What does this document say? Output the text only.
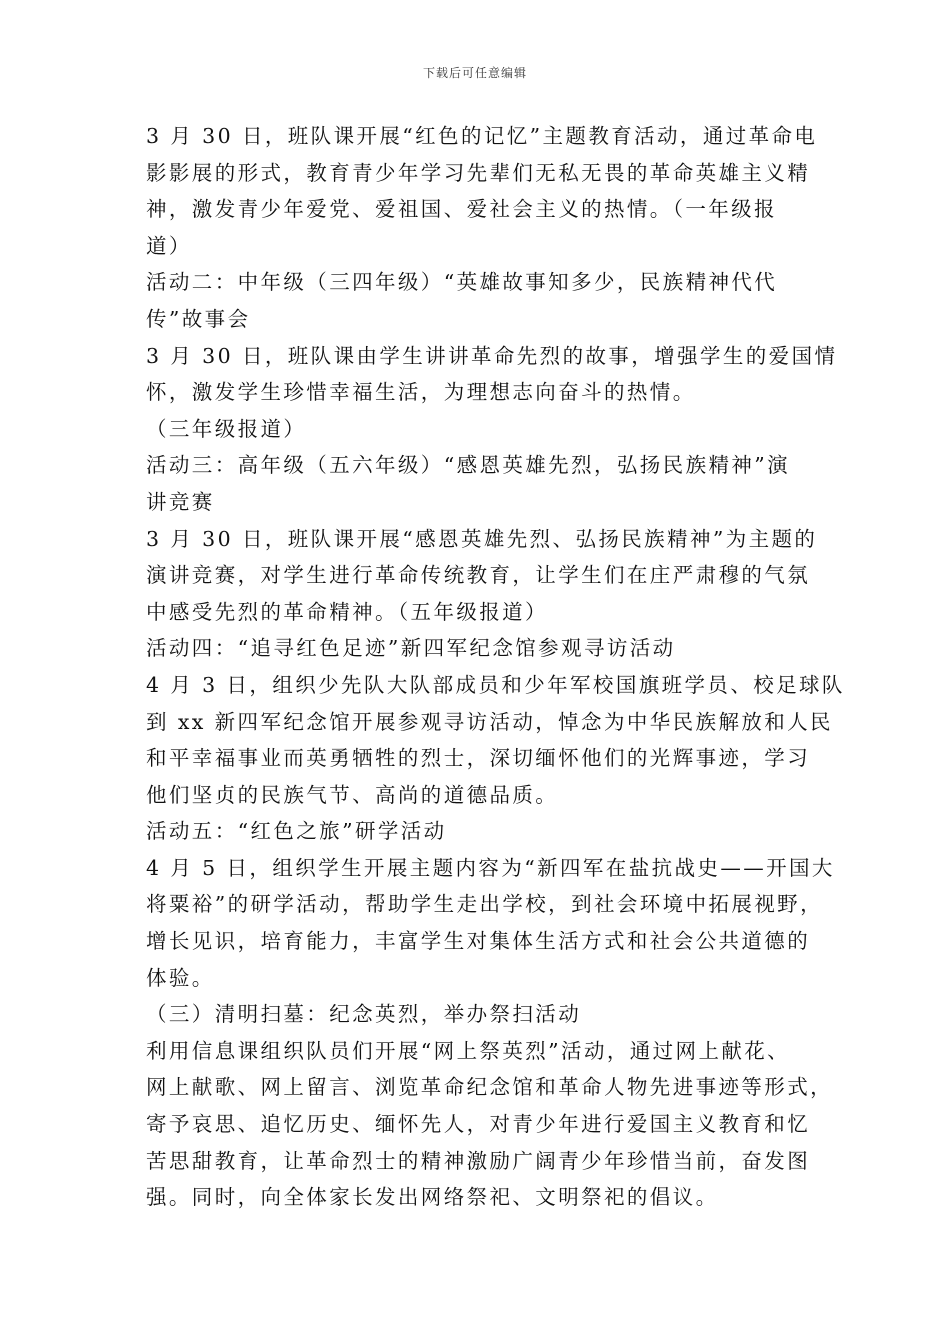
下载后可任意编辑
3 月 30 日，班队课开展“红色的记忆”主题教育活动，通过革命电
影影展的形式，教育青少年学习先辈们无私无畏的革命英雄主义精
神，激发青少年爱党、爱祖国、爱社会主义的热情。（一年级报
道）
活动二：中年级（三四年级）“英雄故事知多少，民族精神代代
传”故事会
3 月 30 日，班队课由学生讲讲革命先烈的故事，增强学生的爱国情
怀，激发学生珍惜幸福生活，为理想志向奋斗的热情。
（三年级报道）
活动三：高年级（五六年级）“感恩英雄先烈，弘扬民族精神”演
讲竞赛
3 月 30 日，班队课开展“感恩英雄先烈、弘扬民族精神”为主题的
演讲竞赛，对学生进行革命传统教育，让学生们在庄严肃穆的气氛
中感受先烈的革命精神。（五年级报道）
活动四：“追寻红色足迹”新四军纪念馆参观寻访活动
4 月 3 日，组织少先队大队部成员和少年军校国旗班学员、校足球队
到 xx 新四军纪念馆开展参观寻访活动，悼念为中华民族解放和人民
和平幸福事业而英勇牺牲的烈士，深切缅怀他们的光辉事迹，学习
他们坚贞的民族气节、高尚的道德品质。
活动五：“红色之旅”研学活动
4 月 5 日，组织学生开展主题内容为“新四军在盐抗战史——开国大
将粟裕”的研学活动，帮助学生走出学校，到社会环境中拓展视野，
增长见识，培育能力，丰富学生对集体生活方式和社会公共道德的
体验。
（三）清明扫墓：纪念英烈，举办祭扫活动
利用信息课组织队员们开展“网上祭英烈”活动，通过网上献花、
网上献歌、网上留言、浏览革命纪念馆和革命人物先进事迹等形式，
寄予哀思、追忆历史、缅怀先人，对青少年进行爱国主义教育和忆
苦思甜教育，让革命烈士的精神激励广阔青少年珍惜当前，奋发图
强。同时，向全体家长发出网络祭祀、文明祭祀的倡议。
